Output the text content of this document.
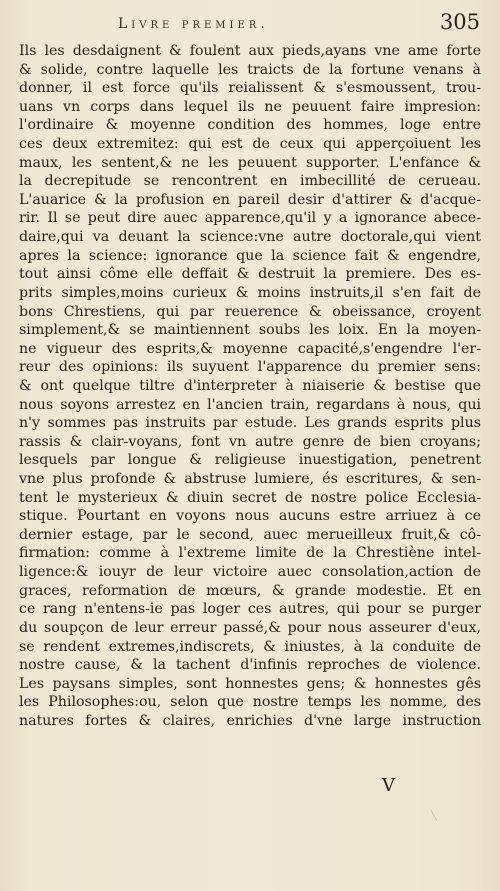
Livre premier.	305
Ils les desdaignent & foulent aux pieds,ayans vne ame forte
& solide, contre laquelle les traicts de la fortune venans à
donner, il est force qu'ils reialissent & s'esmoussent, trou-
uans vn corps dans lequel ils ne peuuent faire impresion:
l'ordinaire & moyenne condition des hommes, loge entre
ces deux extremitez: qui est de ceux qui apperçoiuent les
maux, les sentent,& ne les peuuent supporter. L'enfance &
la decrepitude se rencontrent en imbecillité de cerueau.
L'auarice & la profusion en pareil desir d'attirer & d'acque-
rir. Il se peut dire auec apparence,qu'il y a ignorance abece-
daire,qui va deuant la science:vne autre doctorale,qui vient
apres la science: ignorance que la science fait & engendre,
tout ainsi côme elle deffait & destruit la premiere. Des es-
prits simples,moins curieux & moins instruits,il s'en fait de
bons Chrestiens, qui par reuerence & obeissance, croyent
simplement,& se maintiennent soubs les loix. En la moyen-
ne vigueur des esprits,& moyenne capacité,s'engendre l'er-
reur des opinions: ils suyuent l'apparence du premier sens:
& ont quelque tiltre d'interpreter à niaiserie & bestise que
nous soyons arrestez en l'ancien train, regardans à nous, qui
n'y sommes pas instruits par estude. Les grands esprits plus
rassis & clair-voyans, font vn autre genre de bien croyans;
lesquels par longue & religieuse inuestigation, penetrent
vne plus profonde & abstruse lumiere, és escritures, & sen-
tent le mysterieux & diuin secret de nostre police Ecclesia-
stique. Pourtant en voyons nous aucuns estre arriuez à ce
dernier estage, par le second, auec merueilleux fruit,& cô-
firmation: comme à l'extreme limite de la Chrestiène intel-
ligence:& iouyr de leur victoire auec consolation,action de
graces, reformation de mœurs, & grande modestie. Et en
ce rang n'entens-ie pas loger ces autres, qui pour se purger
du soupçon de leur erreur passé,& pour nous asseurer d'eux,
se rendent extremes,indiscrets, & iniustes, à la conduite de
nostre cause, & la tachent d'infinis reproches de violence.
Les paysans simples, sont honnestes gens; & honnestes gês
les Philosophes:ou, selon que nostre temps les nomme, des
natures fortes & claires, enrichies d'vne large instruction
V
